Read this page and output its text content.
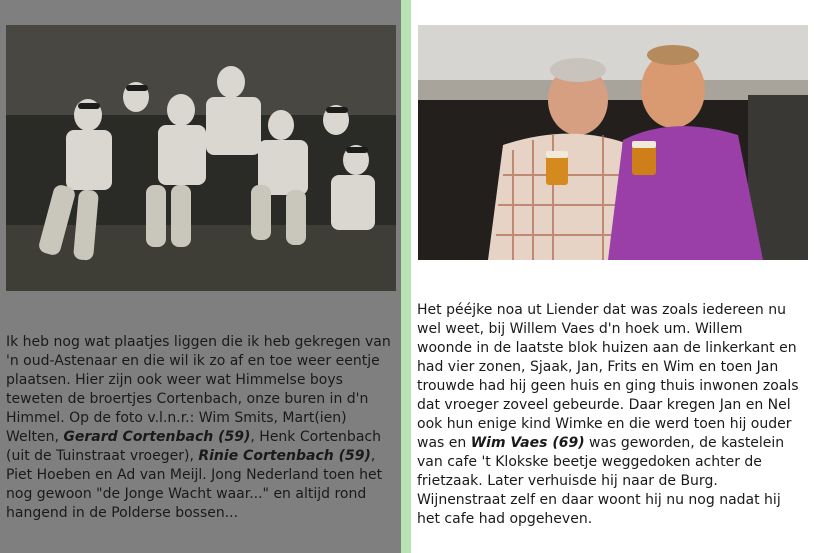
Ik heb nog wat plaatjes liggen die ik heb gekregen van
'n oud-Astenaar en die wil ik zo af en toe weer eentje
plaatsen. Hier zijn ook weer wat Himmelse boys
teweten de broertjes Cortenbach, onze buren in d'n
Himmel. Op de foto v.l.n.r.: Wim Smits, Mart(ien)
Welten, Gerard Cortenbach (59), Henk Cortenbach
(uit de Tuinstraat vroeger), Rinie Cortenbach (59),
Piet Hoeben en Ad van Meijl. Jong Nederland toen het
nog gewoon "de Jonge Wacht waar..." en altijd rond
hangend in de Polderse bossen...
Het pééjke noa ut Liender dat was zoals iedereen nu
wel weet, bij Willem Vaes d'n hoek um. Willem
woonde in de laatste blok huizen aan de linkerkant en
had vier zonen, Sjaak, Jan, Frits en Wim en toen Jan
trouwde had hij geen huis en ging thuis inwonen zoals
dat vroeger zoveel gebeurde. Daar kregen Jan en Nel
ook hun enige kind Wimke en die werd toen hij ouder
was en Wim Vaes (69) was geworden, de kastelein
van cafe 't Klokske beetje weggedoken achter de
frietzaak. Later verhuisde hij naar de Burg.
Wijnenstraat zelf en daar woont hij nu nog nadat hij
het cafe had opgeheven.
